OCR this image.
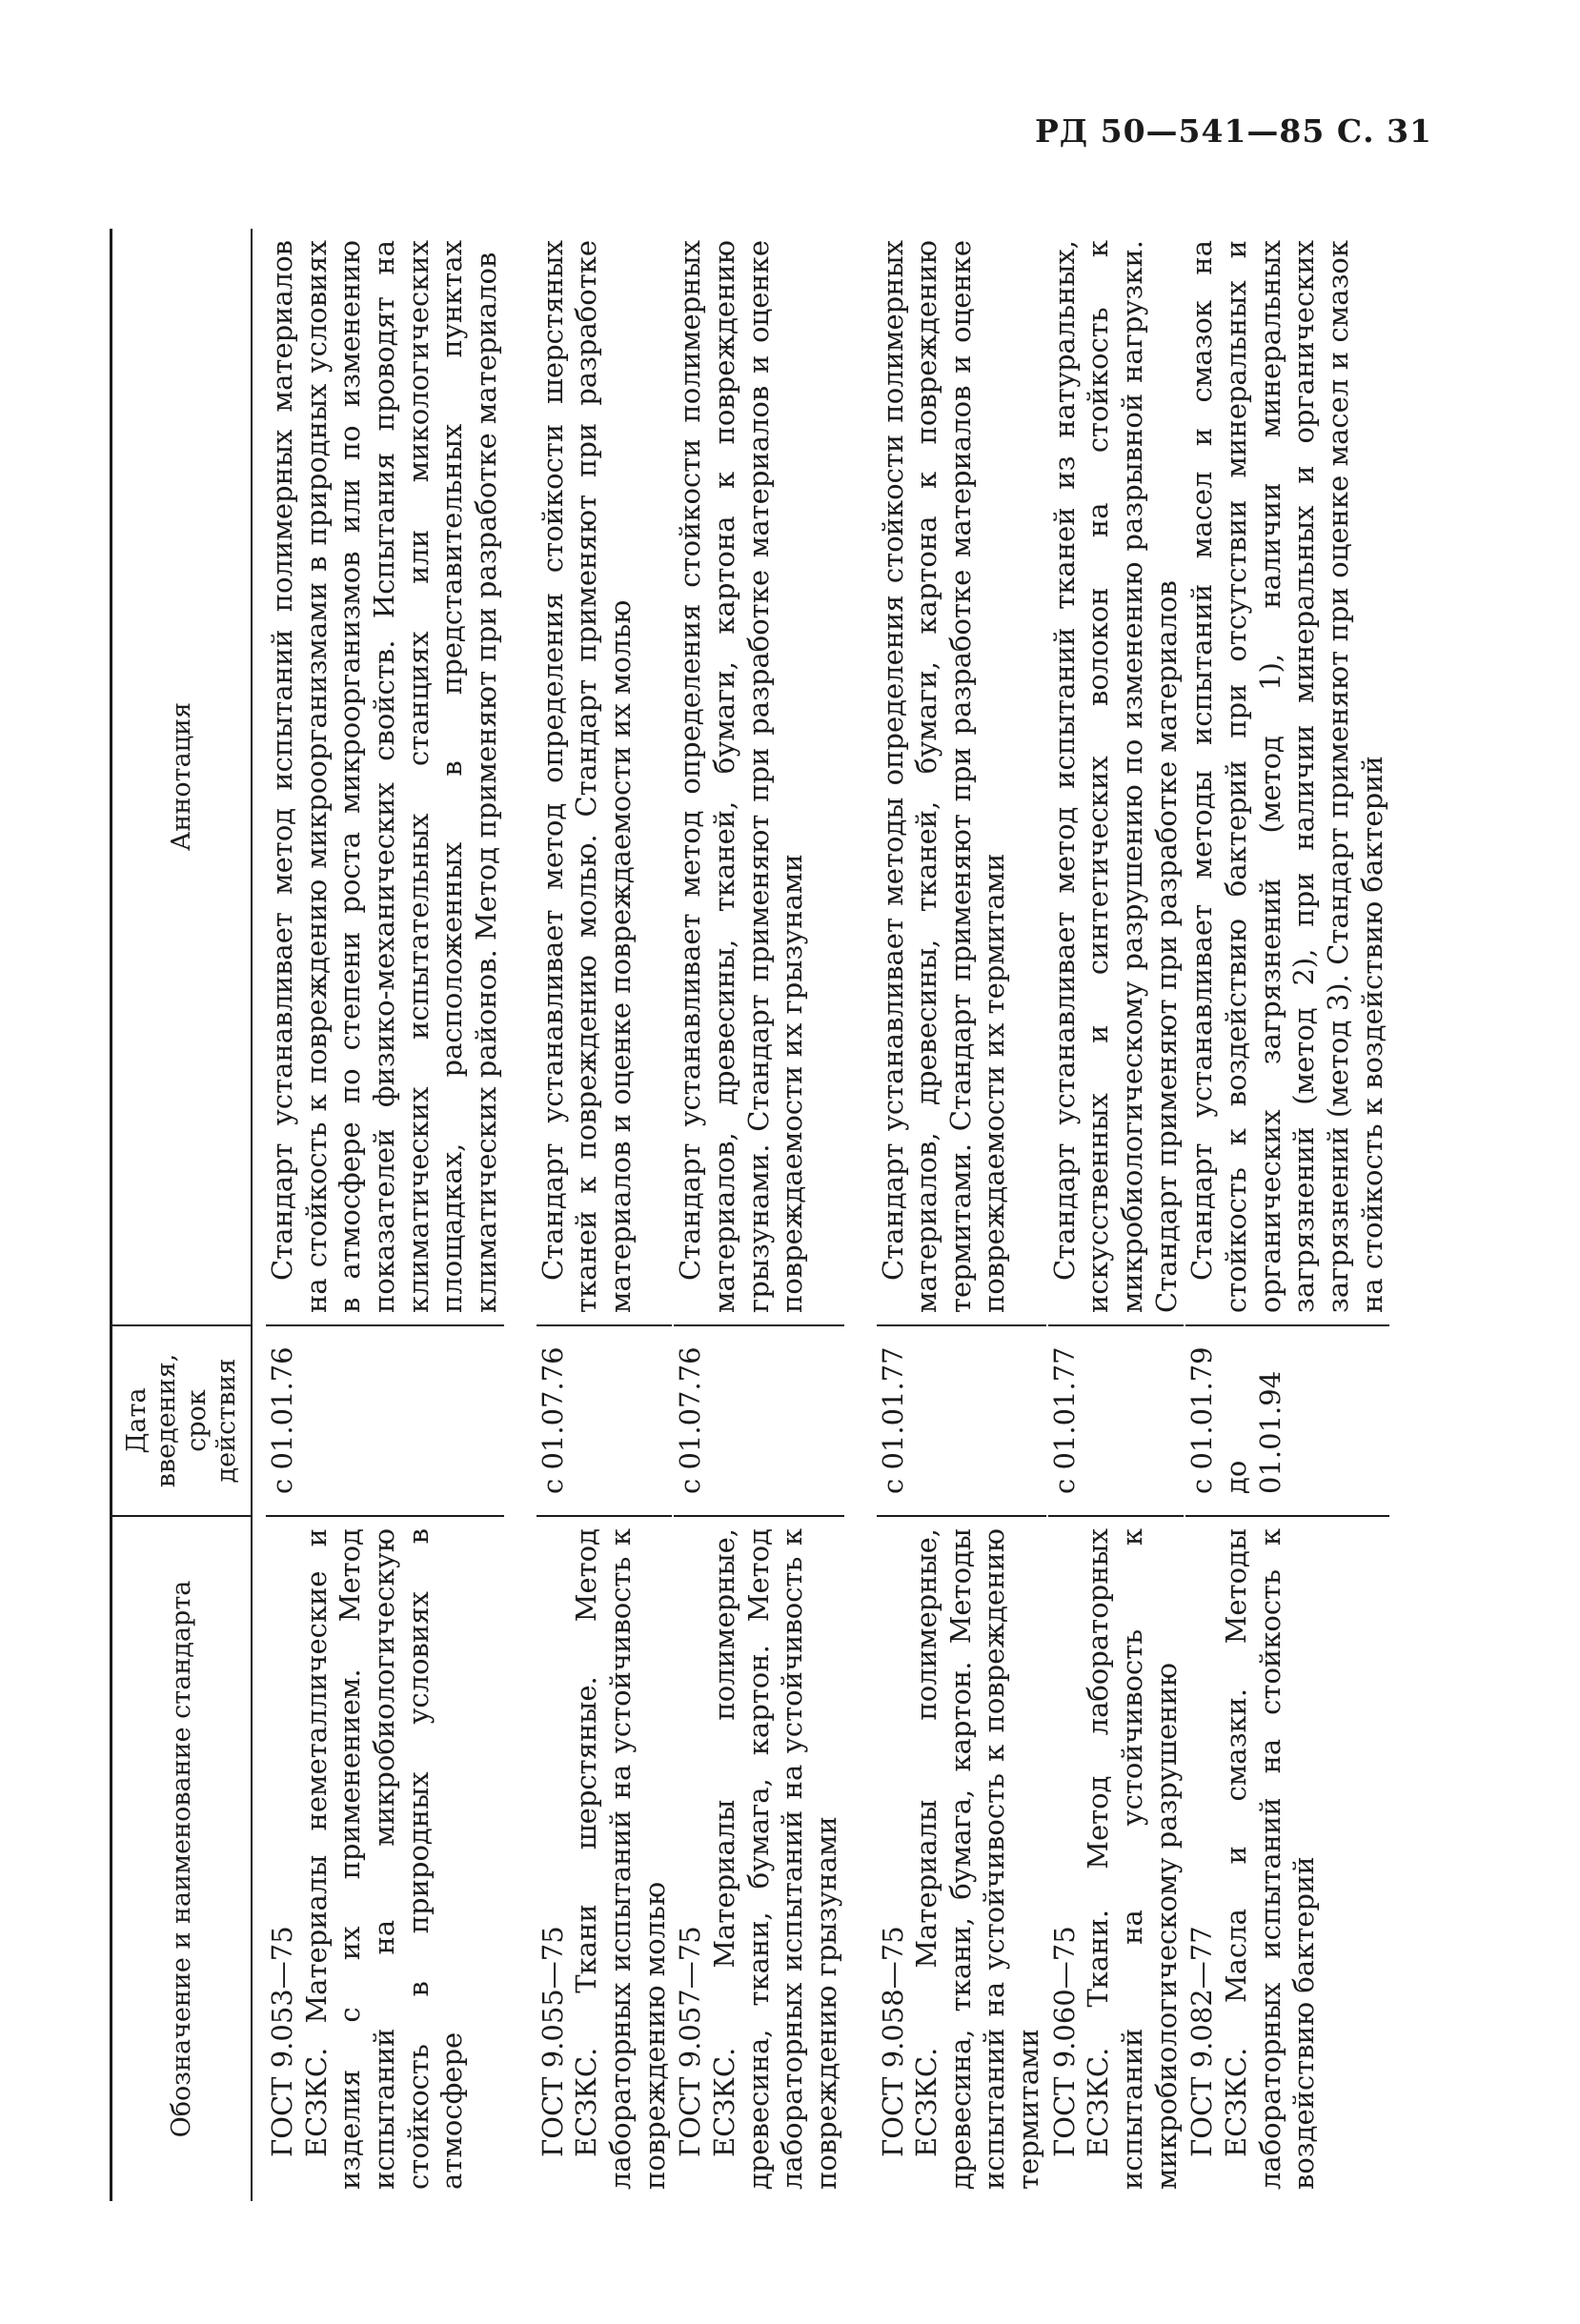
РД 50—541—85 С. 31
Обозначение и наименование стандарта
Дата введения, срок действия
Аннотация
ГОСТ 9.053—75 ЕСЗКС. Материалы неметаллические и изделия с их применением. Метод испытаний на микробиологическую стойкость в природных условиях в атмосфере
с 01.01.76
Стандарт устанавливает метод испытаний полимерных материалов на стойкость к повреждению микроорганизмами в природных условиях в атмосфере по степени роста микроорганизмов или по изменению показателей физико-механических свойств. Испытания проводят на климатических испытательных станциях или микологических площадках, расположенных в представительных пунктах климатических районов. Метод применяют при разработке материалов
ГОСТ 9.055—75 ЕСЗКС. Ткани шерстяные. Метод лабораторных испытаний на устойчивость к повреждению молью
с 01.07.76
Стандарт устанавливает метод определения стойкости шерстяных тканей к повреждению молью. Стандарт применяют при разработке материалов и оценке повреждаемости их молью
ГОСТ 9.057—75 ЕСЗКС. Материалы полимерные, древесина, ткани, бумага, картон. Метод лабораторных испытаний на устойчивость к повреждению грызунами
с 01.07.76
Стандарт устанавливает метод определения стойкости полимерных материалов, древесины, тканей, бумаги, картона к повреждению грызунами. Стандарт применяют при разработке материалов и оценке повреждаемости их грызунами
ГОСТ 9.058—75 ЕСЗКС. Материалы полимерные, древесина, ткани, бумага, картон. Методы испытаний на устойчивость к повреждению термитами
с 01.01.77
Стандарт устанавливает методы определения стойкости полимерных материалов, древесины, тканей, бумаги, картона к повреждению термитами. Стандарт применяют при разработке материалов и оценке повреждаемости их термитами
ГОСТ 9.060—75 ЕСЗКС. Ткани. Метод лабораторных испытаний на устойчивость к микробиологическому разрушению
с 01.01.77
Стандарт устанавливает метод испытаний тканей из натуральных, искусственных и синтетических волокон на стойкость к микробиологическому разрушению по изменению разрывной нагрузки. Стандарт применяют при разработке материалов
ГОСТ 9.082—77 ЕСЗКС. Масла и смазки. Методы лабораторных испытаний на стойкость к воздействию бактерий
с 01.01.79 до 01.01.94
Стандарт устанавливает методы испытаний масел и смазок на стойкость к воздействию бактерий при отсутствии минеральных и органических загрязнений (метод 1), наличии минеральных загрязнений (метод 2), при наличии минеральных и органических загрязнений (метод 3). Стандарт применяют при оценке масел и смазок на стойкость к воздействию бактерий
